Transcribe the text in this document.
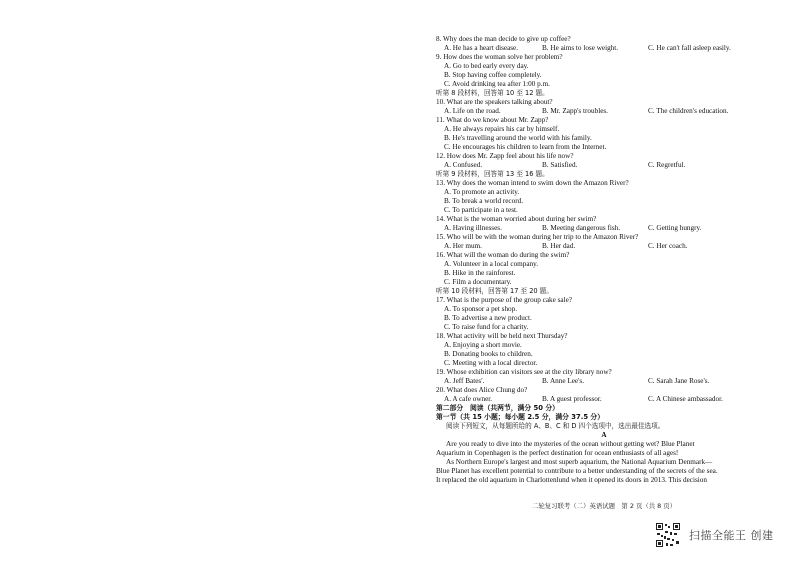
8. Why does the man decide to give up coffee?
A. He has a heart disease.	B. He aims to lose weight.	C. He can't fall asleep easily.
9. How does the woman solve her problem?
A. Go to bed early every day.
B. Stop having coffee completely.
C. Avoid drinking tea after 1:00 p.m.
听第 8 段材料，回答第 10 至 12 题。
10. What are the speakers talking about?
A. Life on the road.	B. Mr. Zapp's troubles.	C. The children's education.
11. What do we know about Mr. Zapp?
A. He always repairs his car by himself.
B. He's travelling around the world with his family.
C. He encourages his children to learn from the Internet.
12. How does Mr. Zapp feel about his life now?
A. Confused.	B. Satisfied.	C. Regretful.
听第 9 段材料，回答第 13 至 16 题。
13. Why does the woman intend to swim down the Amazon River?
A. To promote an activity.
B. To break a world record.
C. To participate in a test.
14. What is the woman worried about during her swim?
A. Having illnesses.	B. Meeting dangerous fish.	C. Getting hungry.
15. Who will be with the woman during her trip to the Amazon River?
A. Her mum.	B. Her dad.	C. Her coach.
16. What will the woman do during the swim?
A. Volunteer in a local company.
B. Hike in the rainforest.
C. Film a documentary.
听第 10 段材料，回答第 17 至 20 题。
17. What is the purpose of the group cake sale?
A. To sponsor a pet shop.
B. To advertise a new product.
C. To raise fund for a charity.
18. What activity will be held next Thursday?
A. Enjoying a short movie.
B. Donating books to children.
C. Meeting with a local director.
19. Whose exhibition can visitors see at the city library now?
A. Jeff Bates'.	B. Anne Lee's.	C. Sarah Jane Rose's.
20. What does Alice Chung do?
A. A cafe owner.	B. A guest professor.	C. A Chinese ambassador.
第二部分　阅读（共两节，满分 50 分）
第一节（共 15 小题；每小题 2.5 分，满分 37.5 分）
阅读下列短文，从每题所给的 A、B、C 和 D 四个选项中，选出最佳选项。
A
Are you ready to dive into the mysteries of the ocean without getting wet? Blue Planet
Aquarium in Copenhagen is the perfect destination for ocean enthusiasts of all ages!
As Northern Europe's largest and most superb aquarium, the National Aquarium Denmark—
Blue Planet has excellent potential to contribute to a better understanding of the secrets of the sea.
It replaced the old aquarium in Charlottenlund when it opened its doors in 2013. This decision
二轮复习联考（二）英语试题　第 2 页（共 8 页）
扫描全能王 创建
